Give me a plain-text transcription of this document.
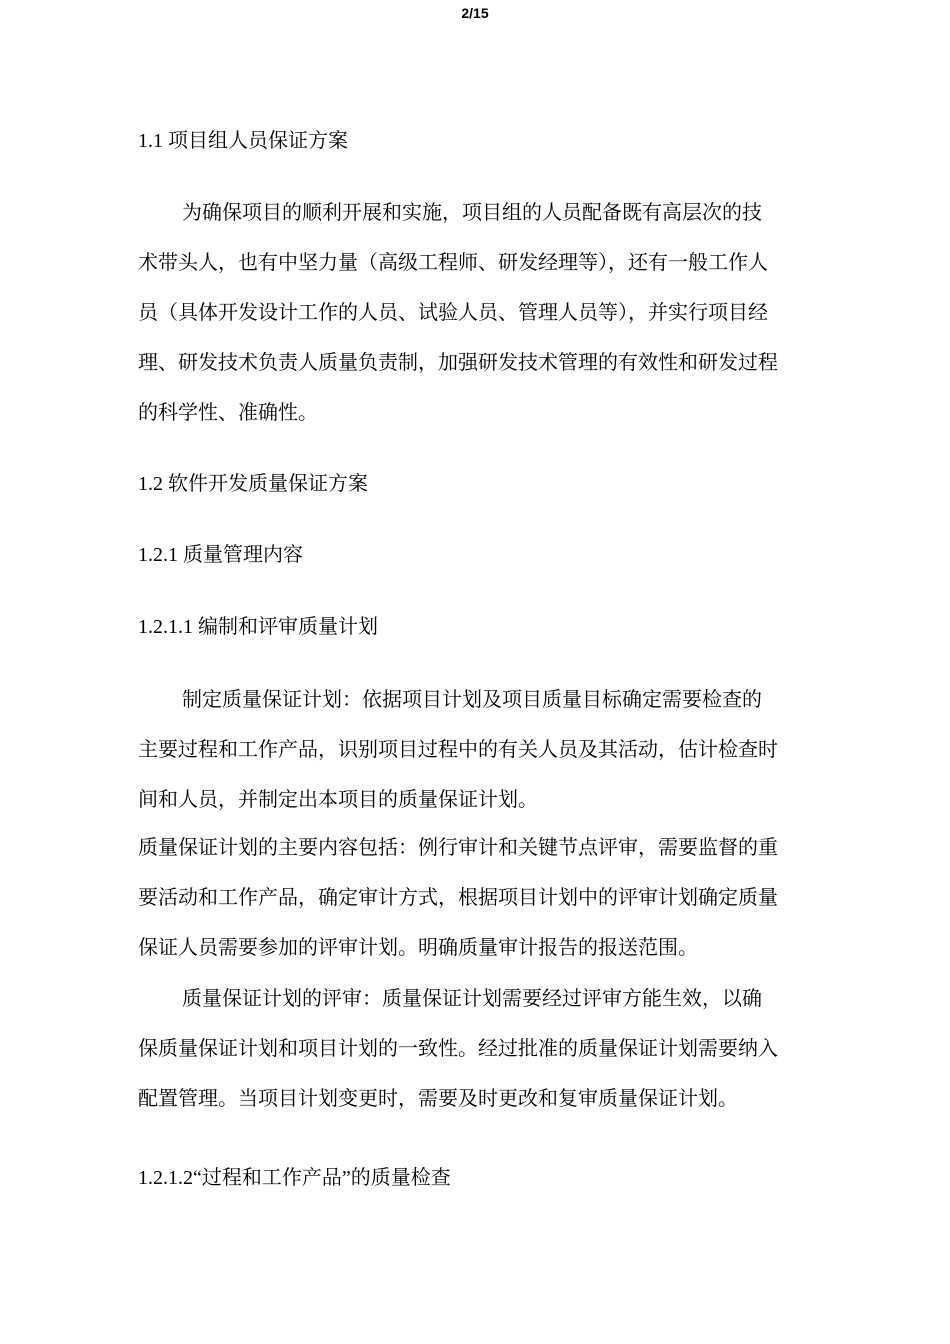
2/15
1.1 项目组人员保证方案
为确保项目的顺利开展和实施，项目组的人员配备既有高层次的技
术带头人，也有中坚力量（高级工程师、研发经理等），还有一般工作人
员（具体开发设计工作的人员、试验人员、管理人员等），并实行项目经
理、研发技术负责人质量负责制，加强研发技术管理的有效性和研发过程
的科学性、准确性。
1.2 软件开发质量保证方案
1.2.1 质量管理内容
1.2.1.1 编制和评审质量计划
制定质量保证计划：依据项目计划及项目质量目标确定需要检查的
主要过程和工作产品，识别项目过程中的有关人员及其活动，估计检查时
间和人员，并制定出本项目的质量保证计划。
质量保证计划的主要内容包括：例行审计和关键节点评审，需要监督的重
要活动和工作产品，确定审计方式，根据项目计划中的评审计划确定质量
保证人员需要参加的评审计划。明确质量审计报告的报送范围。
质量保证计划的评审：质量保证计划需要经过评审方能生效，以确
保质量保证计划和项目计划的一致性。经过批准的质量保证计划需要纳入
配置管理。当项目计划变更时，需要及时更改和复审质量保证计划。
1.2.1.2“过程和工作产品”的质量检查
